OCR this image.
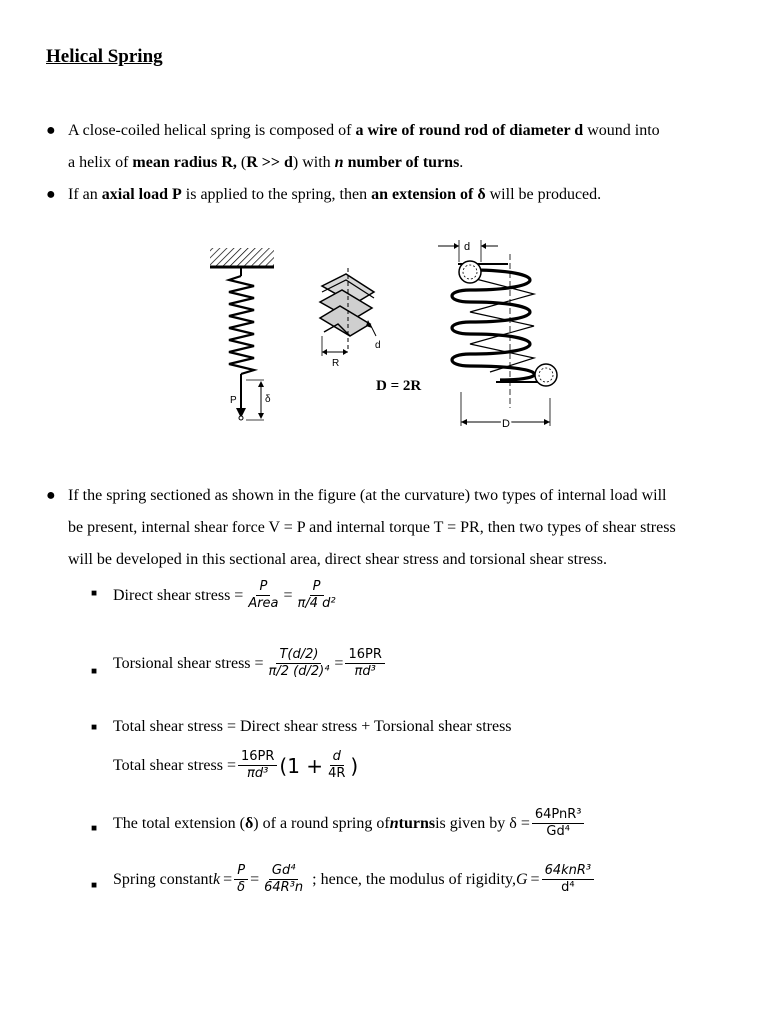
Helical Spring
● A close-coiled helical spring is composed of a wire of round rod of diameter d wound into
a helix of mean radius R, (R >> d) with n number of turns.
● If an axial load P is applied to the spring, then an extension of δ will be produced.
P	δ
R
d
D = 2R
d
D
● If the spring sectioned as shown in the figure (at the curvature) two types of internal load will
be present, internal shear force V = P and internal torque T = PR, then two types of shear stress
will be developed in this sectional area, direct shear stress and torsional shear stress.
■ Direct shear stress = $\frac{P}{\text{Area}} = \frac{P}{\text{π/4 d²}}$
■ Torsional shear stress = $\frac{T(d/2)}{\text{π/2 (d/2)⁴}} = \frac{16PR}{\text{πd³}}$
■ Total shear stress = Direct shear stress + Torsional shear stress
Total shear stress = $\frac{16PR}{\text{πd³}} (1 + \frac{d}{4R}$ )
■ The total extension ( δ ) of a round spring of n turns is given by $\delta = \frac{\text{64PnR³}}{\text{Gd⁴}}$
■ Spring constant $k = \frac{P}{\delta} = \frac{\text{Gd⁴}}{\text{64R³n}}$ ; hence, the modulus of rigidity, $G = \frac{\text{64knR³}}{\text{d⁴}}$
